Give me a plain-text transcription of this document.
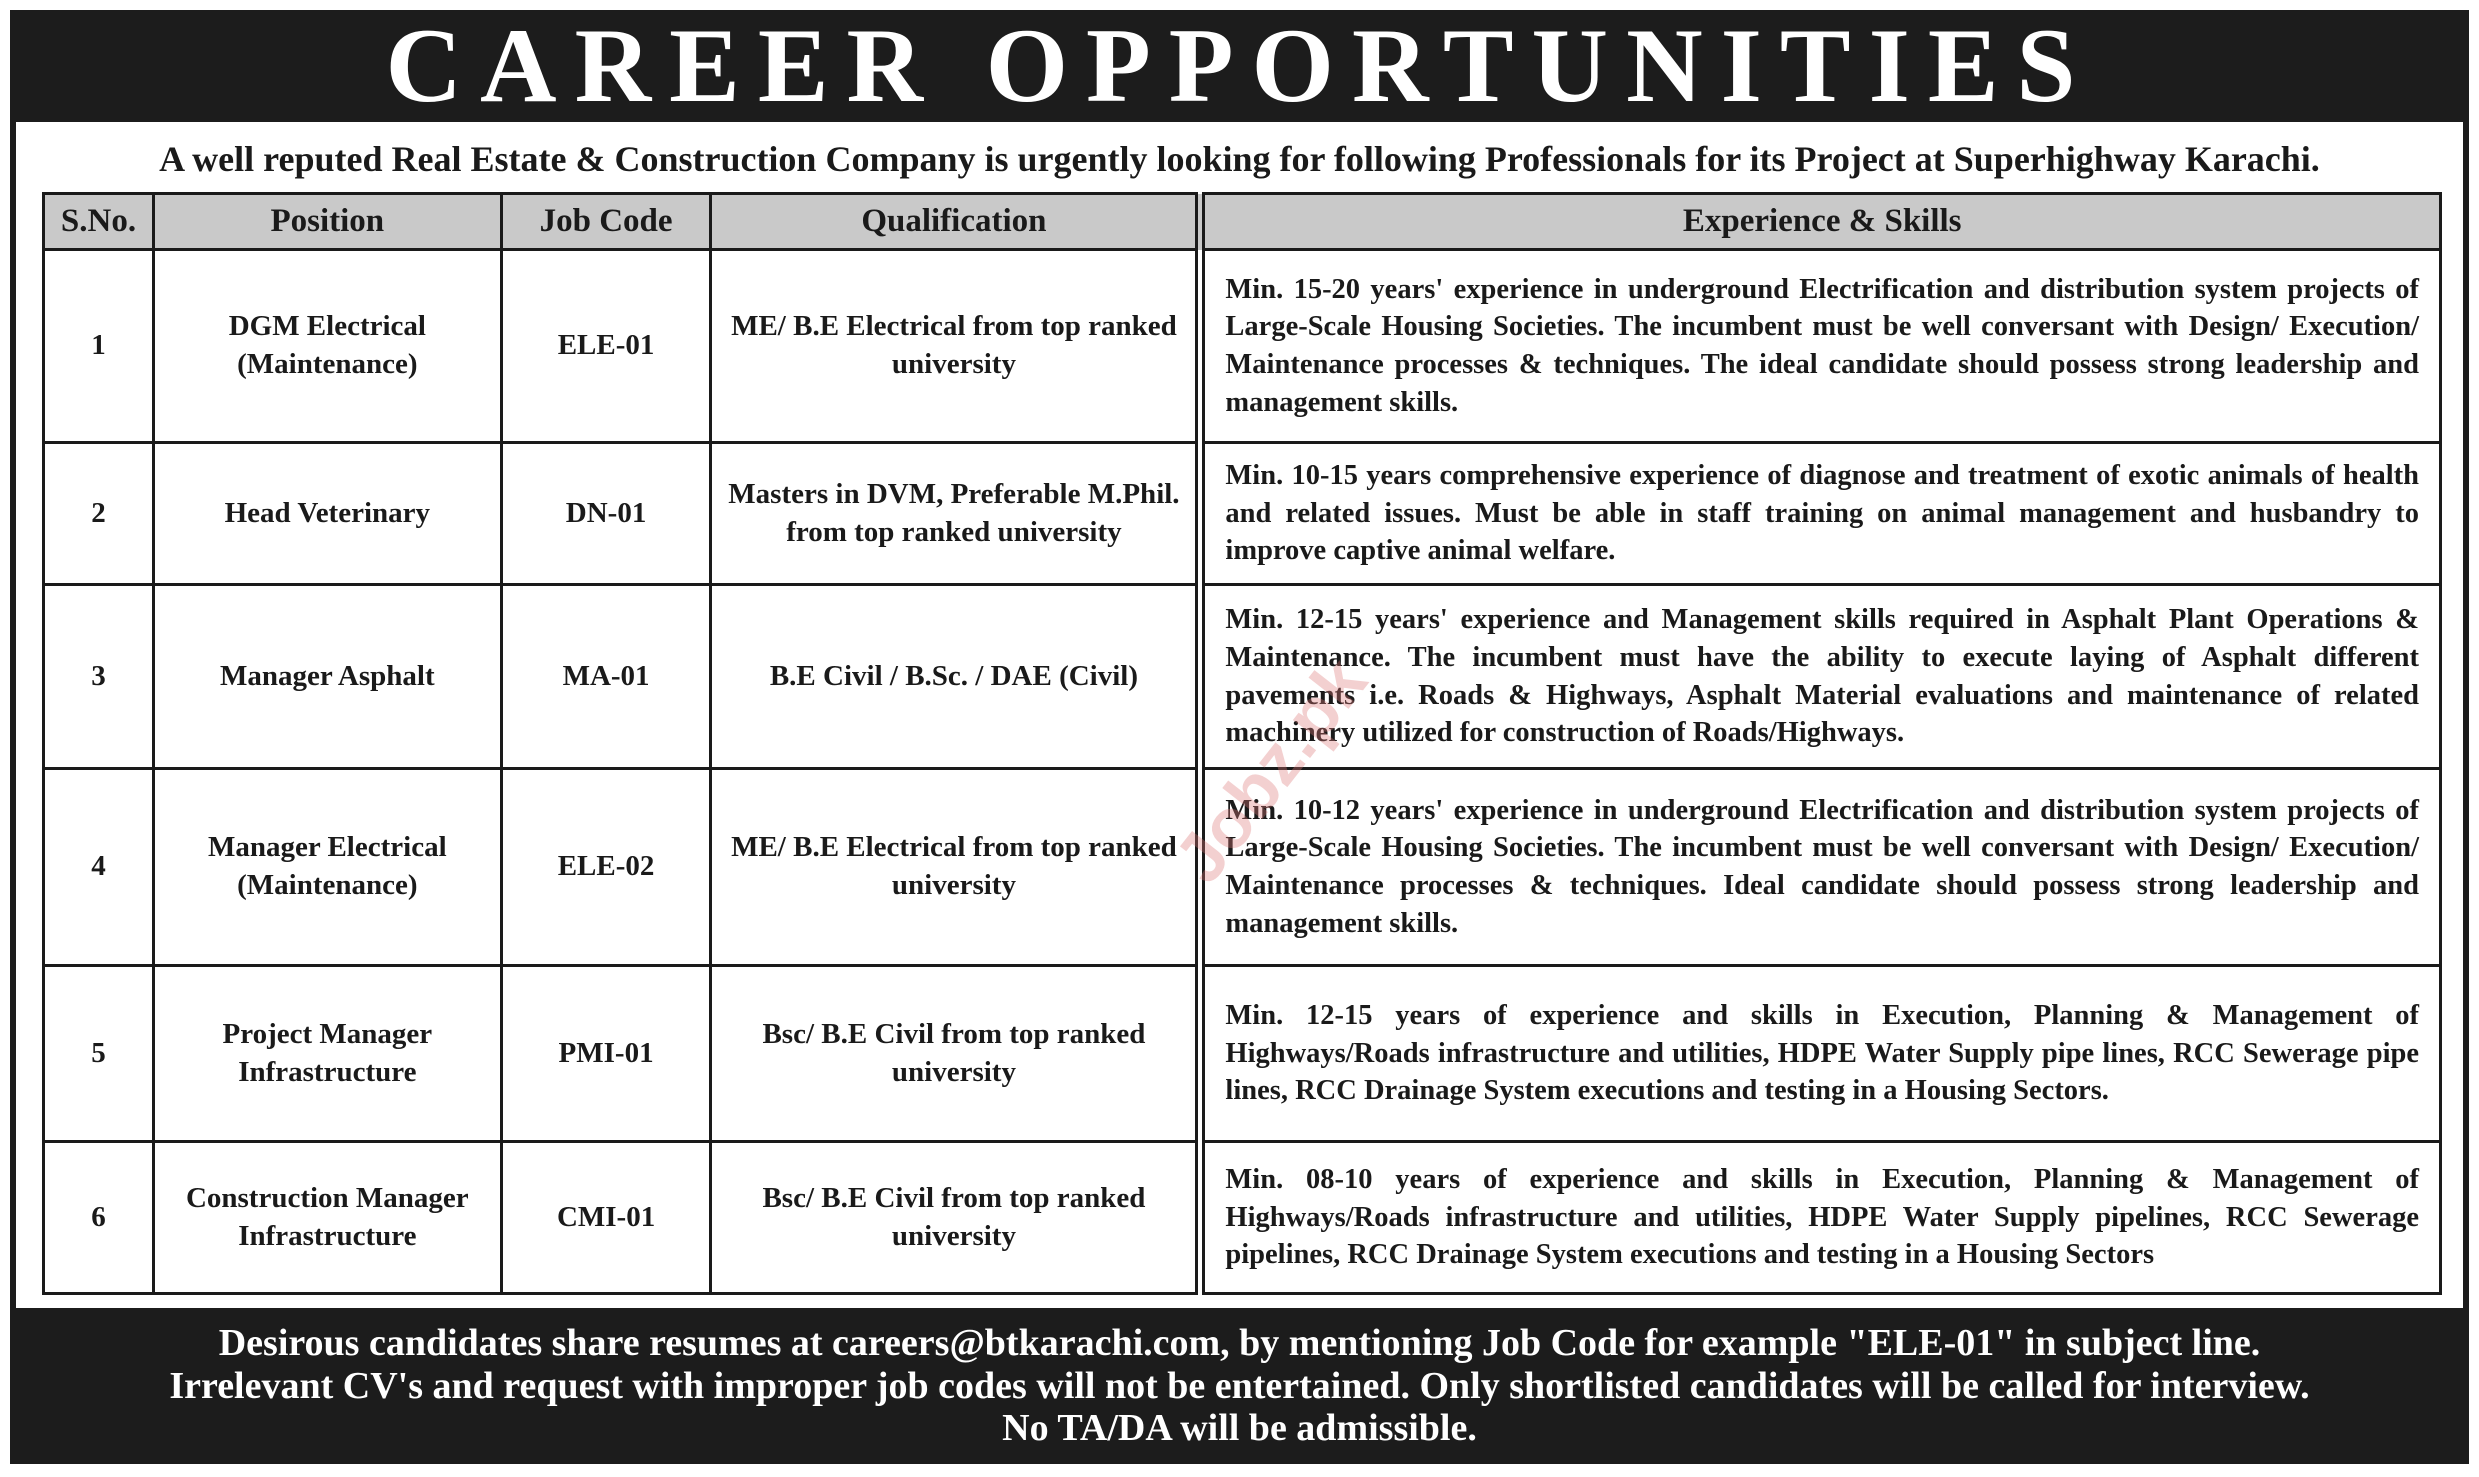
CAREER OPPORTUNITIES
A well reputed Real Estate & Construction Company is urgently looking for following Professionals for its Project at Superhighway Karachi.
S.No.	Position	Job Code	Qualification	Experience & Skills
1	DGM Electrical (Maintenance)	ELE-01	ME/ B.E Electrical from top ranked university	Min. 15-20 years' experience in underground Electrification and distribution system projects of Large-Scale Housing Societies. The incumbent must be well conversant with Design/ Execution/ Maintenance processes & techniques. The ideal candidate should possess strong leadership and management skills.
2	Head Veterinary	DN-01	Masters in DVM, Preferable M.Phil. from top ranked university	Min. 10-15 years comprehensive experience of diagnose and treatment of exotic animals of health and related issues. Must be able in staff training on animal management and husbandry to improve captive animal welfare.
3	Manager Asphalt	MA-01	B.E Civil / B.Sc. / DAE (Civil)	Min. 12-15 years' experience and Management skills required in Asphalt Plant Operations & Maintenance. The incumbent must have the ability to execute laying of Asphalt different pavements i.e. Roads & Highways, Asphalt Material evaluations and maintenance of related machinery utilized for construction of Roads/Highways.
4	Manager Electrical (Maintenance)	ELE-02	ME/ B.E Electrical from top ranked university	Min. 10-12 years' experience in underground Electrification and distribution system projects of Large-Scale Housing Societies. The incumbent must be well conversant with Design/ Execution/ Maintenance processes & techniques. Ideal candidate should possess strong leadership and management skills.
5	Project Manager Infrastructure	PMI-01	Bsc/ B.E Civil from top ranked university	Min. 12-15 years of experience and skills in Execution, Planning & Management of Highways/Roads infrastructure and utilities, HDPE Water Supply pipe lines, RCC Sewerage pipe lines, RCC Drainage System executions and testing in a Housing Sectors.
6	Construction Manager Infrastructure	CMI-01	Bsc/ B.E Civil from top ranked university	Min. 08-10 years of experience and skills in Execution, Planning & Management of Highways/Roads infrastructure and utilities, HDPE Water Supply pipelines, RCC Sewerage pipelines, RCC Drainage System executions and testing in a Housing Sectors
Desirous candidates share resumes at careers@btkarachi.com, by mentioning Job Code for example "ELE-01" in subject line.
Irrelevant CV's and request with improper job codes will not be entertained. Only shortlisted candidates will be called for interview.
No TA/DA will be admissible.
Jobz.pk
